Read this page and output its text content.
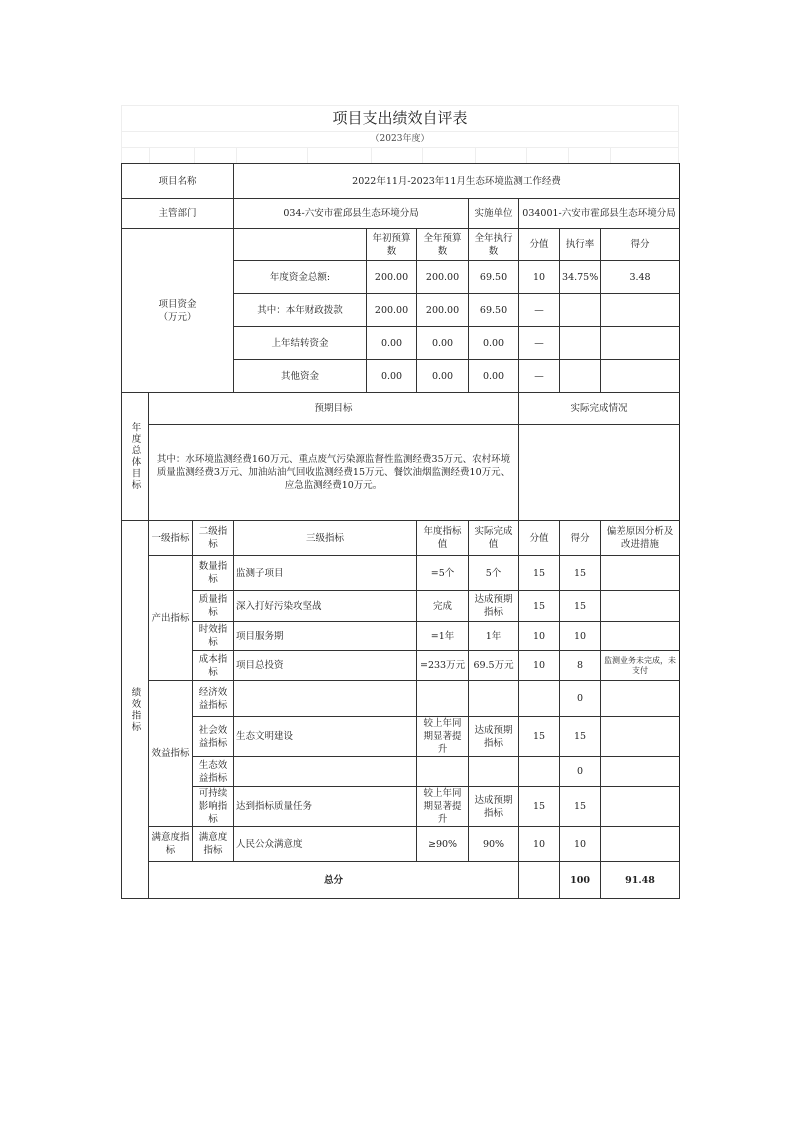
项目支出绩效自评表
（2023年度）
项目名称			2022年11月-2023年11月生态环境监测工作经费							
主管部门			034-六安市霍邱县生态环境分局			实施单位	034001-六安市霍邱县生态环境分局			
项目资金
（万元）				年初预算数	全年预算数	全年执行数	分值	执行率	得分	
			年度资金总额:	200.00	200.00	69.50	10	34.75%	3.48	
			其中：本年财政拨款	200.00	200.00	69.50	—			
			上年结转资金	0.00	0.00	0.00	—			
			其他资金	0.00	0.00	0.00	—			
年度总体目标	预期目标						实际完成情况			
	其中：水环境监测经费160万元、重点废气污染源监督性监测经费35万元、农村环境质量监测经费3万元、加油站油气回收监测经费15万元、餐饮油烟监测经费10万元、应急监测经费10万元。									
绩效指标	一级指标	二级指标	三级指标		年度指标值	实际完成值	分值	得分	偏差原因分析及改进措施	
	产出指标	数量指标	监测子项目		=5个	5个	15	15		
		质量指标	深入打好污染攻坚战		完成	达成预期指标	15	15		
		时效指标	项目服务期		=1年	1年	10	10		
		成本指标	项目总投资		=233万元	69.5万元	10	8	监测业务未完成，未支付	
	效益指标	经济效益指标						0		
		社会效益指标	生态文明建设		较上年同期显著提升	达成预期指标	15	15		
		生态效益指标						0		
		可持续影响指标	达到指标质量任务		较上年同期显著提升	达成预期指标	15	15		
	满意度指标	满意度指标	人民公众满意度		≥90%	90%	10	10		
	总分							100	91.48	
